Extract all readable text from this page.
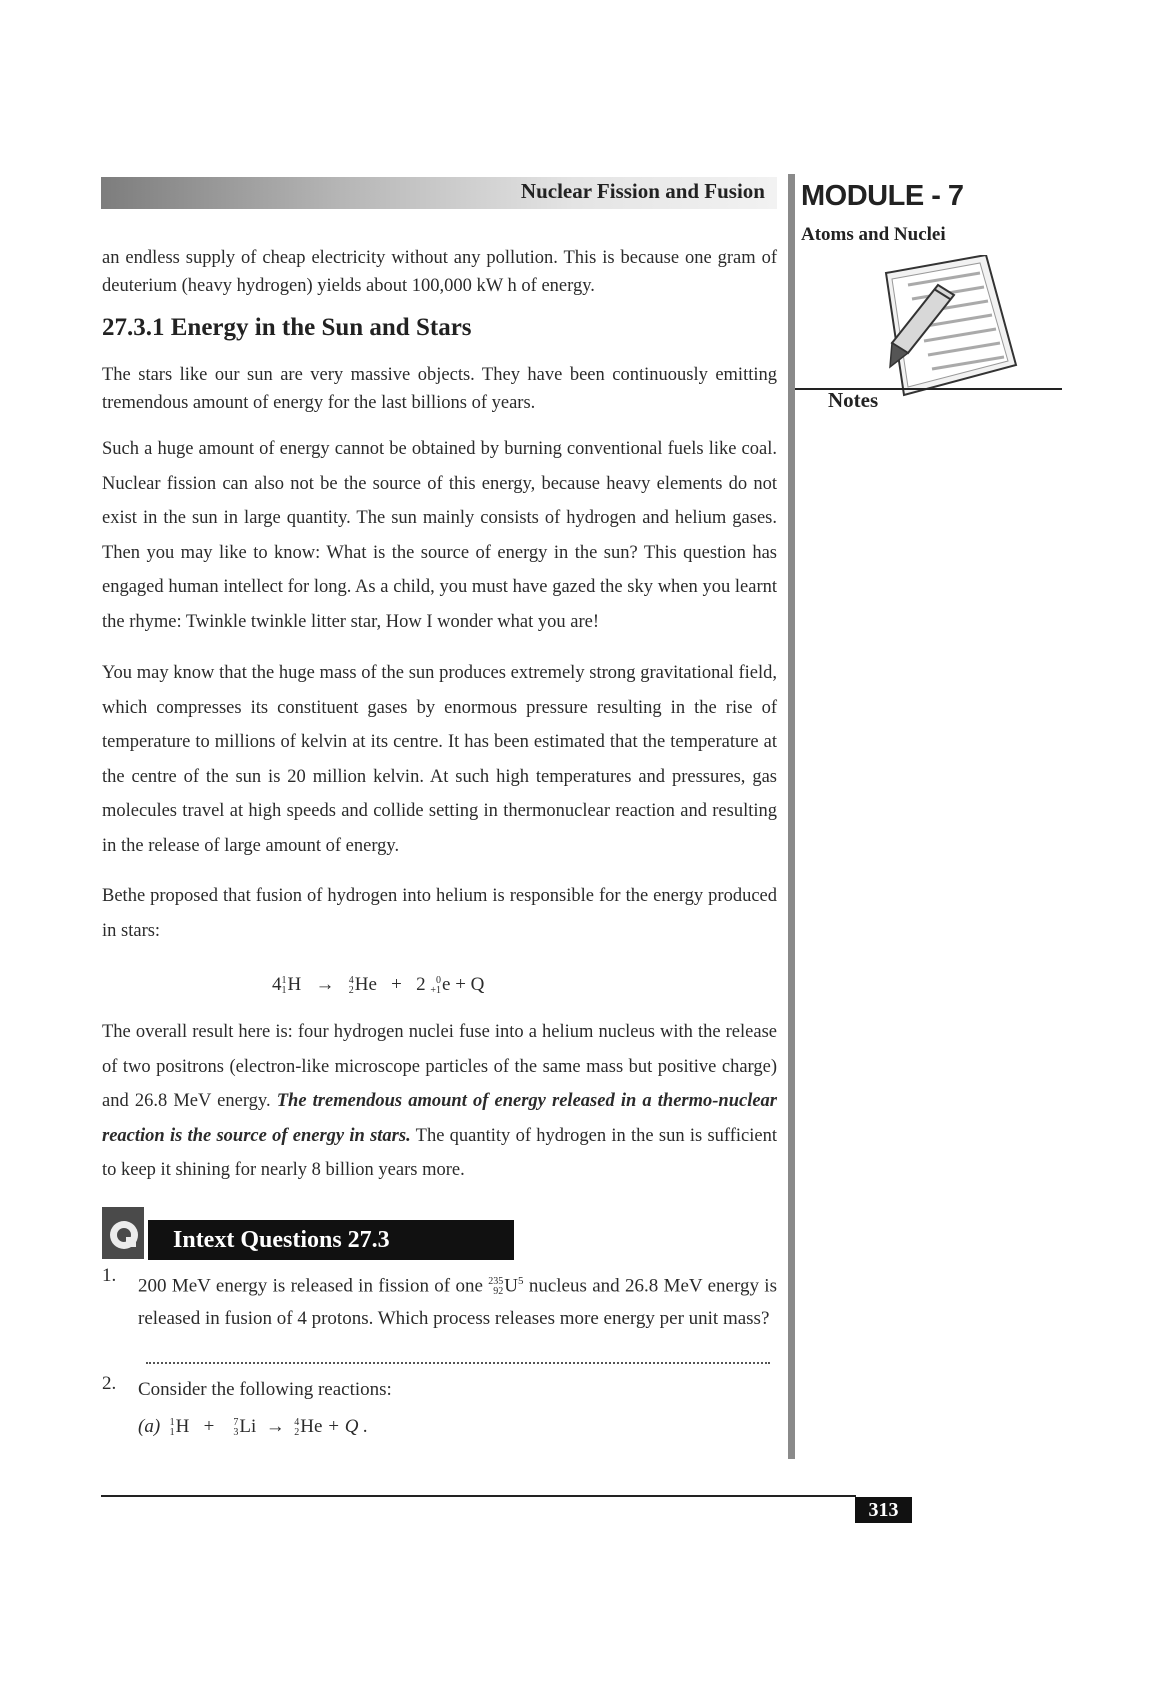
Nuclear Fission and Fusion MODULE - 7
Atoms and Nuclei
Notes

an endless supply of cheap electricity without any pollution. This is because one gram of deuterium (heavy hydrogen) yields about 100,000 kW h of energy.

27.3.1 Energy in the Sun and Stars

The stars like our sun are very massive objects. They have been continuously emitting tremendous amount of energy for the last billions of years.

Such a huge amount of energy cannot be obtained by burning conventional fuels like coal. Nuclear fission can also not be the source of this energy, because heavy elements do not exist in the sun in large quantity. The sun mainly consists of hydrogen and helium gases. Then you may like to know: What is the source of energy in the sun? This question has engaged human intellect for long. As a child, you must have gazed the sky when you learnt the rhyme: Twinkle twinkle litter star, How I wonder what you are!

You may know that the huge mass of the sun produces extremely strong gravitational field, which compresses its constituent gases by enormous pressure resulting in the rise of temperature to millions of kelvin at its centre. It has been estimated that the temperature at the centre of the sun is 20 million kelvin. At such high temperatures and pressures, gas molecules travel at high speeds and collide setting in thermonuclear reaction and resulting in the release of large amount of energy.

Bethe proposed that fusion of hydrogen into helium is responsible for the energy produced in stars:

4 1
1 H → 4
2 He + 2	0
+1 e + Q

The overall result here is: four hydrogen nuclei fuse into a helium nucleus with the release of two positrons (electron-like microscope particles of the same mass but positive charge) and 26.8 MeV energy. The tremendous amount of energy released in a thermo-nuclear reaction is the source of energy in stars. The quantity of hydrogen in the sun is sufficient to keep it shining for nearly 8 billion years more.

Intext Questions 27.3
1. 200 MeV energy is released in fission of one 235
92 $U^5$ nucleus and 26.8 MeV energy is released in fusion of 4 protons. Which process releases more energy per unit mass?
2. Consider the following reactions:
(a) 1
1 H + 7
3 Li → 4
2 He + Q .
313
